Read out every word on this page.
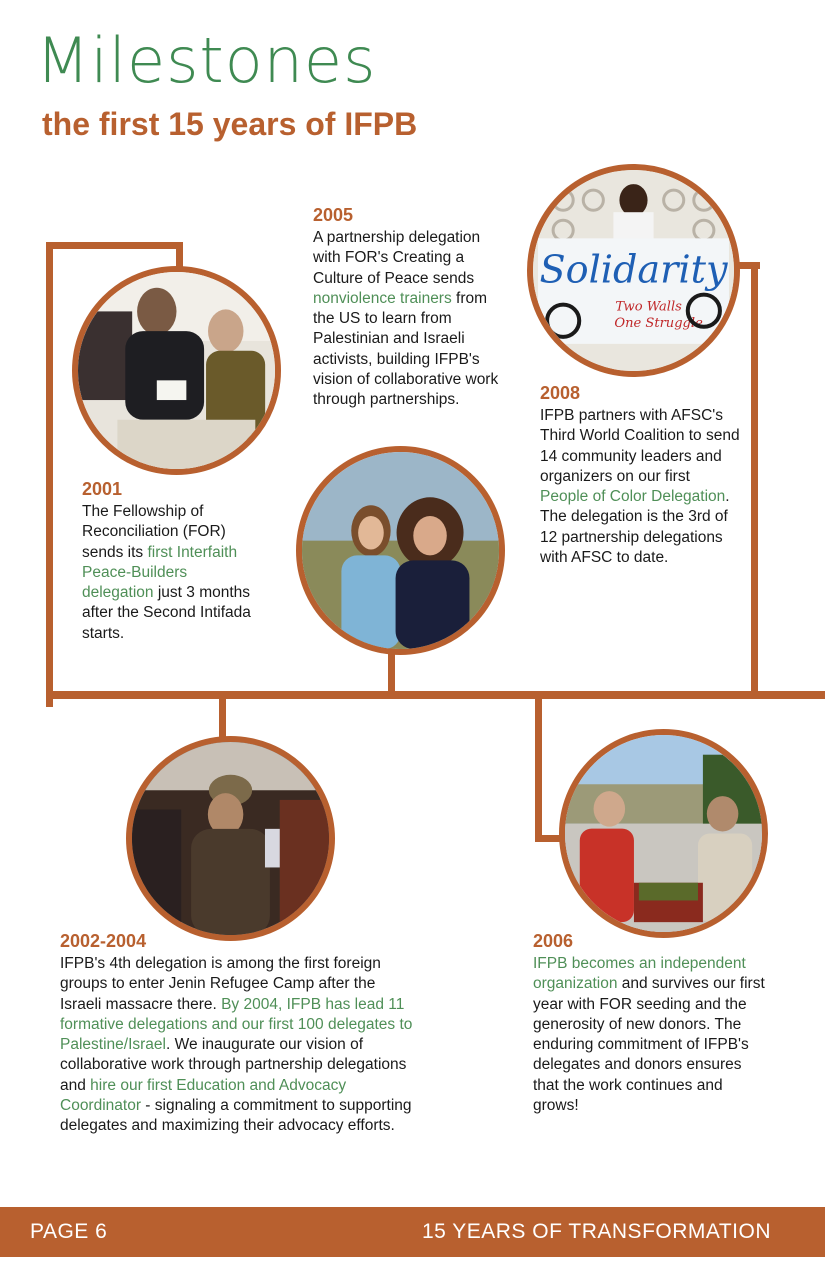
Milestones
the first 15 years of IFPB
Solidarity
Two Walls
One Struggle
2005
A partnership delegation with FOR's Creating a Culture of Peace sends nonviolence trainers from the US to learn from Palestinian and Israeli activists, building IFPB's vision of collaborative work through partnerships.
2001
The Fellowship of Reconciliation (FOR) sends its first Interfaith Peace-Builders delegation just 3 months after the Second Intifada starts.
2008
IFPB partners with AFSC's Third World Coalition to send 14 community leaders and organizers on our first People of Color Delegation. The delegation is the 3rd of 12 partnership delegations with AFSC to date.
2002-2004
IFPB's 4th delegation is among the first foreign groups to enter Jenin Refugee Camp after the Israeli massacre there. By 2004, IFPB has lead 11 formative delegations and our first 100 delegates to Palestine/Israel. We inaugurate our vision of collaborative work through partnership delegations and hire our first Education and Advocacy Coordinator - signaling a commitment to supporting delegates and maximizing their advocacy efforts.
2006
IFPB becomes an independent organization and survives our first year with FOR seeding and the generosity of new donors. The enduring commitment of IFPB's delegates and donors ensures that the work continues and grows!
PAGE 6	15 YEARS OF TRANSFORMATION
